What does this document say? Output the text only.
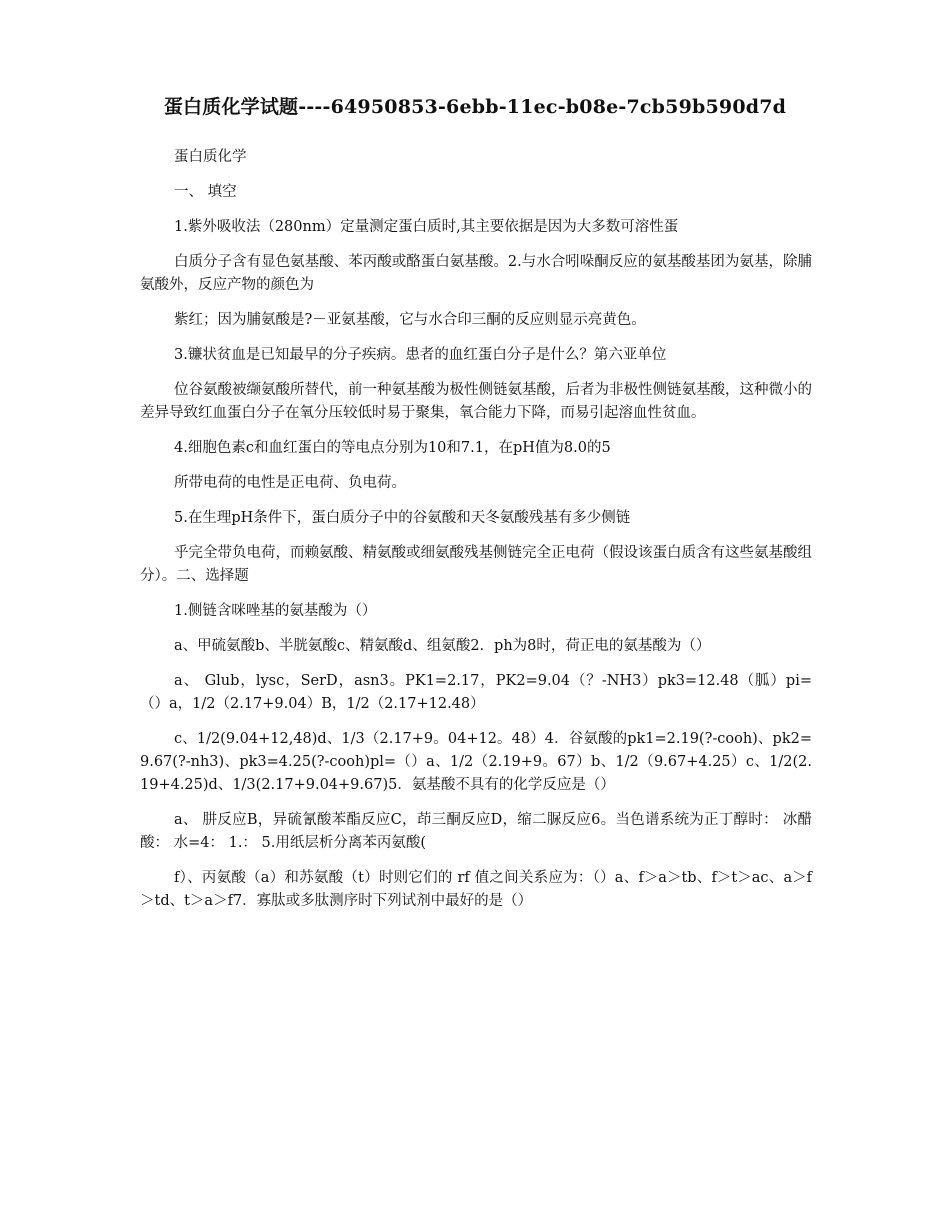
蛋白质化学试题----64950853-6ebb-11ec-b08e-7cb59b590d7d

蛋白质化学

一、 填空

1.紫外吸收法（280nm）定量测定蛋白质时,其主要依据是因为大多数可溶性蛋

白质分子含有显色氨基酸、苯丙酸或酪蛋白氨基酸。2.与水合吲哚酮反应的氨基酸基团为氨基，除脯氨酸外，反应产物的颜色为

紫红；因为脯氨酸是?－亚氨基酸，它与水合印三酮的反应则显示亮黄色。

3.镰状贫血是已知最早的分子疾病。患者的血红蛋白分子是什么？第六亚单位

位谷氨酸被缬氨酸所替代，前一种氨基酸为极性侧链氨基酸，后者为非极性侧链氨基酸，这种微小的差异导致红血蛋白分子在氧分压较低时易于聚集，氧合能力下降，而易引起溶血性贫血。

4.细胞色素c和血红蛋白的等电点分别为10和7.1，在pH值为8.0的5

所带电荷的电性是正电荷、负电荷。

5.在生理pH条件下，蛋白质分子中的谷氨酸和天冬氨酸残基有多少侧链

乎完全带负电荷，而赖氨酸、精氨酸或细氨酸残基侧链完全正电荷（假设该蛋白质含有这些氨基酸组分）。二、选择题

1.侧链含咪唑基的氨基酸为（）

a、甲硫氨酸b、半胱氨酸c、精氨酸d、组氨酸2．ph为8时，荷正电的氨基酸为（）

a、 Glub，lysc，SerD，asn3。PK1=2.17，PK2=9.04（？-NH3）pk3=12.48（胍）pi=（）a，1/2（2.17+9.04）B，1/2（2.17+12.48）

c、1/2(9.04+12,48)d、1/3（2.17+9。04+12。48）4．谷氨酸的pk1=2.19(?-cooh)、pk2=9.67(?-nh3)、pk3=4.25(?-cooh)pl=（）a、1/2（2.19+9。67）b、1/2（9.67+4.25）c、1/2(2.19+4.25)d、1/3(2.17+9.04+9.67)5．氨基酸不具有的化学反应是（）

a、 肼反应B，异硫氰酸苯酯反应C，茚三酮反应D，缩二脲反应6。当色谱系统为正丁醇时： 冰醋酸： 水=4： 1.： 5.用纸层析分离苯丙氨酸(

f）、丙氨酸（a）和苏氨酸（t）时则它们的 rf 值之间关系应为：（）a、f＞a＞tb、f＞t＞ac、a＞f＞td、t＞a＞f7．寡肽或多肽测序时下列试剂中最好的是（）
